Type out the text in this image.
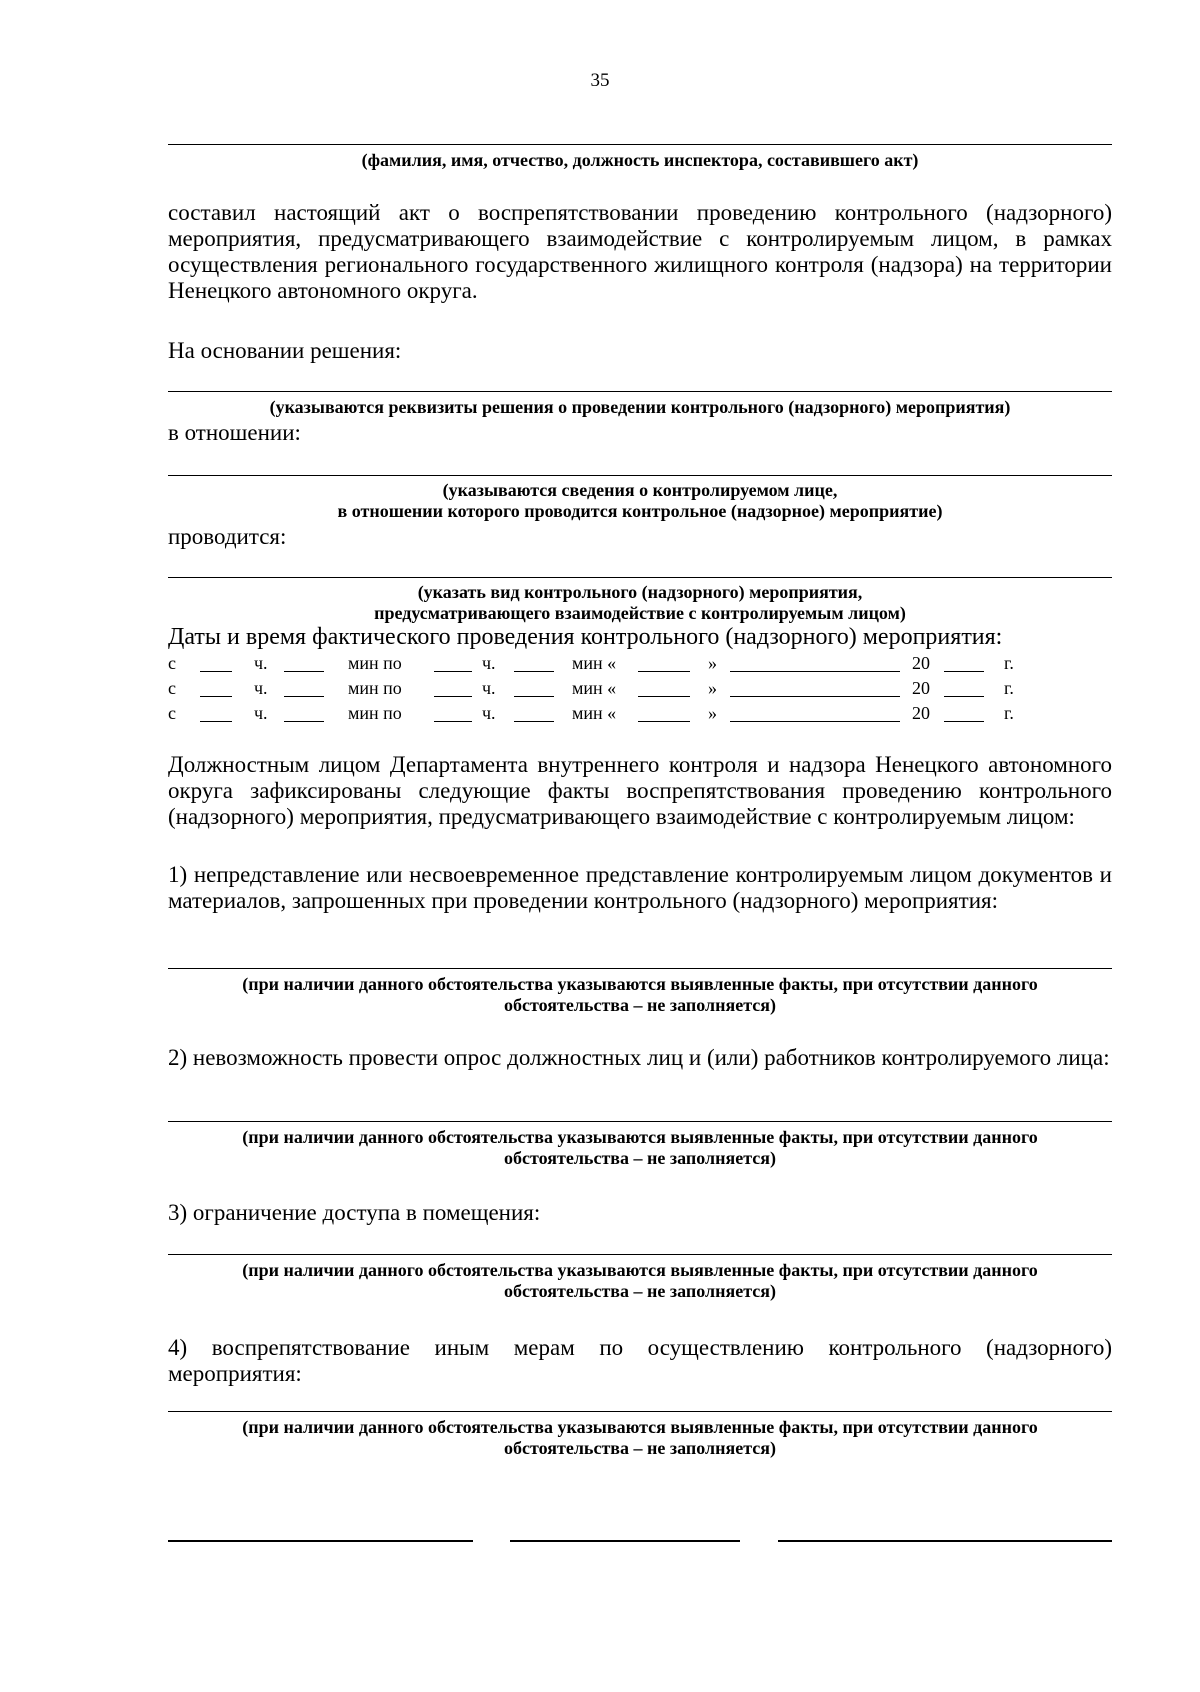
35
(фамилия, имя, отчество, должность инспектора, составившего акт)
составил настоящий акт о воспрепятствовании проведению контрольного (надзорного) мероприятия, предусматривающего взаимодействие с контролируемым лицом, в рамках осуществления регионального государственного жилищного контроля (надзора) на территории Ненецкого автономного округа.
На основании решения:
(указываются реквизиты решения о проведении контрольного (надзорного) мероприятия)
в отношении:
(указываются сведения о контролируемом лице,
в отношении которого проводится контрольное (надзорное) мероприятие)
проводится:
(указать вид контрольного (надзорного) мероприятия,
предусматривающего взаимодействие с контролируемым лицом)
Даты и время фактического проведения контрольного (надзорного) мероприятия:
с	ч.	мин по	ч.	мин «	»	20	г.
с	ч.	мин по	ч.	мин «	»	20	г.
с	ч.	мин по	ч.	мин «	»	20	г.
Должностным лицом Департамента внутреннего контроля и надзора Ненецкого автономного округа зафиксированы следующие факты воспрепятствования проведению контрольного (надзорного) мероприятия, предусматривающего взаимодействие с контролируемым лицом:
1) непредставление или несвоевременное представление контролируемым лицом документов и материалов, запрошенных при проведении контрольного (надзорного) мероприятия:
(при наличии данного обстоятельства указываются выявленные факты, при отсутствии данного
обстоятельства – не заполняется)
2) невозможность провести опрос должностных лиц и (или) работников контролируемого лица:
(при наличии данного обстоятельства указываются выявленные факты, при отсутствии данного
обстоятельства – не заполняется)
3) ограничение доступа в помещения:
(при наличии данного обстоятельства указываются выявленные факты, при отсутствии данного
обстоятельства – не заполняется)
4) воспрепятствование иным мерам по осуществлению контрольного (надзорного) мероприятия:
(при наличии данного обстоятельства указываются выявленные факты, при отсутствии данного
обстоятельства – не заполняется)
